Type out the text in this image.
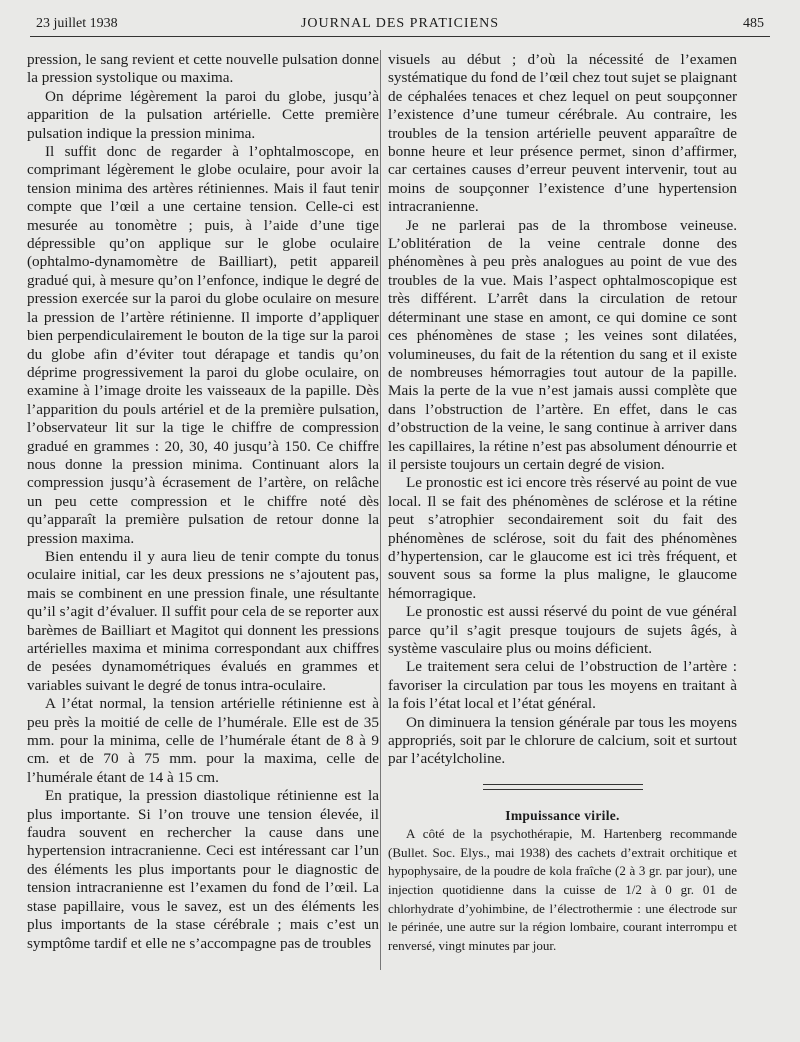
23 juillet 1938	JOURNAL DES PRATICIENS	485

pression, le sang revient et cette nouvelle pulsation donne la pression systolique ou maxima.

On déprime légèrement la paroi du globe, jusqu’à apparition de la pulsation artérielle. Cette première pulsation indique la pression minima.

Il suffit donc de regarder à l’ophtalmoscope, en comprimant légèrement le globe oculaire, pour avoir la tension minima des artères rétiniennes. Mais il faut tenir compte que l’œil a une certaine tension. Celle-ci est mesurée au tonomètre ; puis, à l’aide d’une tige dépressible qu’on applique sur le globe oculaire (ophtalmo-dynamomètre de Bailliart), petit appareil gradué qui, à mesure qu’on l’enfonce, indique le degré de pression exercée sur la paroi du globe oculaire on mesure la pression de l’artère rétinienne. Il importe d’appliquer bien perpendiculairement le bouton de la tige sur la paroi du globe afin d’éviter tout dérapage et tandis qu’on déprime progressivement la paroi du globe oculaire, on examine à l’image droite les vaisseaux de la papille. Dès l’apparition du pouls artériel et de la première pulsation, l’observateur lit sur la tige le chiffre de compression gradué en grammes : 20, 30, 40 jusqu’à 150. Ce chiffre nous donne la pression minima. Continuant alors la compression jusqu’à écrasement de l’artère, on relâche un peu cette compression et le chiffre noté dès qu’apparaît la première pulsation de retour donne la pression maxima.

Bien entendu il y aura lieu de tenir compte du tonus oculaire initial, car les deux pressions ne s’ajoutent pas, mais se combinent en une pression finale, une résultante qu’il s’agit d’évaluer. Il suffit pour cela de se reporter aux barèmes de Bailliart et Magitot qui donnent les pressions artérielles maxima et minima correspondant aux chiffres de pesées dynamométriques évalués en grammes et variables suivant le degré de tonus intra-oculaire.

A l’état normal, la tension artérielle rétinienne est à peu près la moitié de celle de l’humérale. Elle est de 35 mm. pour la minima, celle de l’humérale étant de 8 à 9 cm. et de 70 à 75 mm. pour la maxima, celle de l’humérale étant de 14 à 15 cm.

En pratique, la pression diastolique rétinienne est la plus importante. Si l’on trouve une tension élevée, il faudra souvent en rechercher la cause dans une hypertension intracranienne. Ceci est intéressant car l’un des éléments les plus importants pour le diagnostic de tension intracranienne est l’examen du fond de l’œil. La stase papillaire, vous le savez, est un des éléments les plus importants de la stase cérébrale ; mais c’est un symptôme tardif et elle ne s’accompagne pas de troubles

visuels au début ; d’où la nécessité de l’examen systématique du fond de l’œil chez tout sujet se plaignant de céphalées tenaces et chez lequel on peut soupçonner l’existence d’une tumeur cérébrale. Au contraire, les troubles de la tension artérielle peuvent apparaître de bonne heure et leur présence permet, sinon d’affirmer, car certaines causes d’erreur peuvent intervenir, tout au moins de soupçonner l’existence d’une hypertension intracranienne.

Je ne parlerai pas de la thrombose veineuse. L’oblitération de la veine centrale donne des phénomènes à peu près analogues au point de vue des troubles de la vue. Mais l’aspect ophtalmoscopique est très différent. L’arrêt dans la circulation de retour déterminant une stase en amont, ce qui domine ce sont ces phénomènes de stase ; les veines sont dilatées, volumineuses, du fait de la rétention du sang et il existe de nombreuses hémorragies tout autour de la papille. Mais la perte de la vue n’est jamais aussi complète que dans l’obstruction de l’artère. En effet, dans le cas d’obstruction de la veine, le sang continue à arriver dans les capillaires, la rétine n’est pas absolument dénourrie et il persiste toujours un certain degré de vision.

Le pronostic est ici encore très réservé au point de vue local. Il se fait des phénomènes de sclérose et la rétine peut s’atrophier secondairement soit du fait des phénomènes de sclérose, soit du fait des phénomènes d’hypertension, car le glaucome est ici très fréquent, et souvent sous sa forme la plus maligne, le glaucome hémorragique.

Le pronostic est aussi réservé du point de vue général parce qu’il s’agit presque toujours de sujets âgés, à système vasculaire plus ou moins déficient.

Le traitement sera celui de l’obstruction de l’artère : favoriser la circulation par tous les moyens en traitant à la fois l’état local et l’état général.

On diminuera la tension générale par tous les moyens appropriés, soit par le chlorure de calcium, soit et surtout par l’acétylcholine.

Impuissance virile.

A côté de la psychothérapie, M. Hartenberg recommande (Bullet. Soc. Elys., mai 1938) des cachets d’extrait orchitique et hypophysaire, de la poudre de kola fraîche (2 à 3 gr. par jour), une injection quotidienne dans la cuisse de 1/2 à 0 gr. 01 de chlorhydrate d’yohimbine, de l’électrothermie : une électrode sur le périnée, une autre sur la région lombaire, courant interrompu et renversé, vingt minutes par jour.
